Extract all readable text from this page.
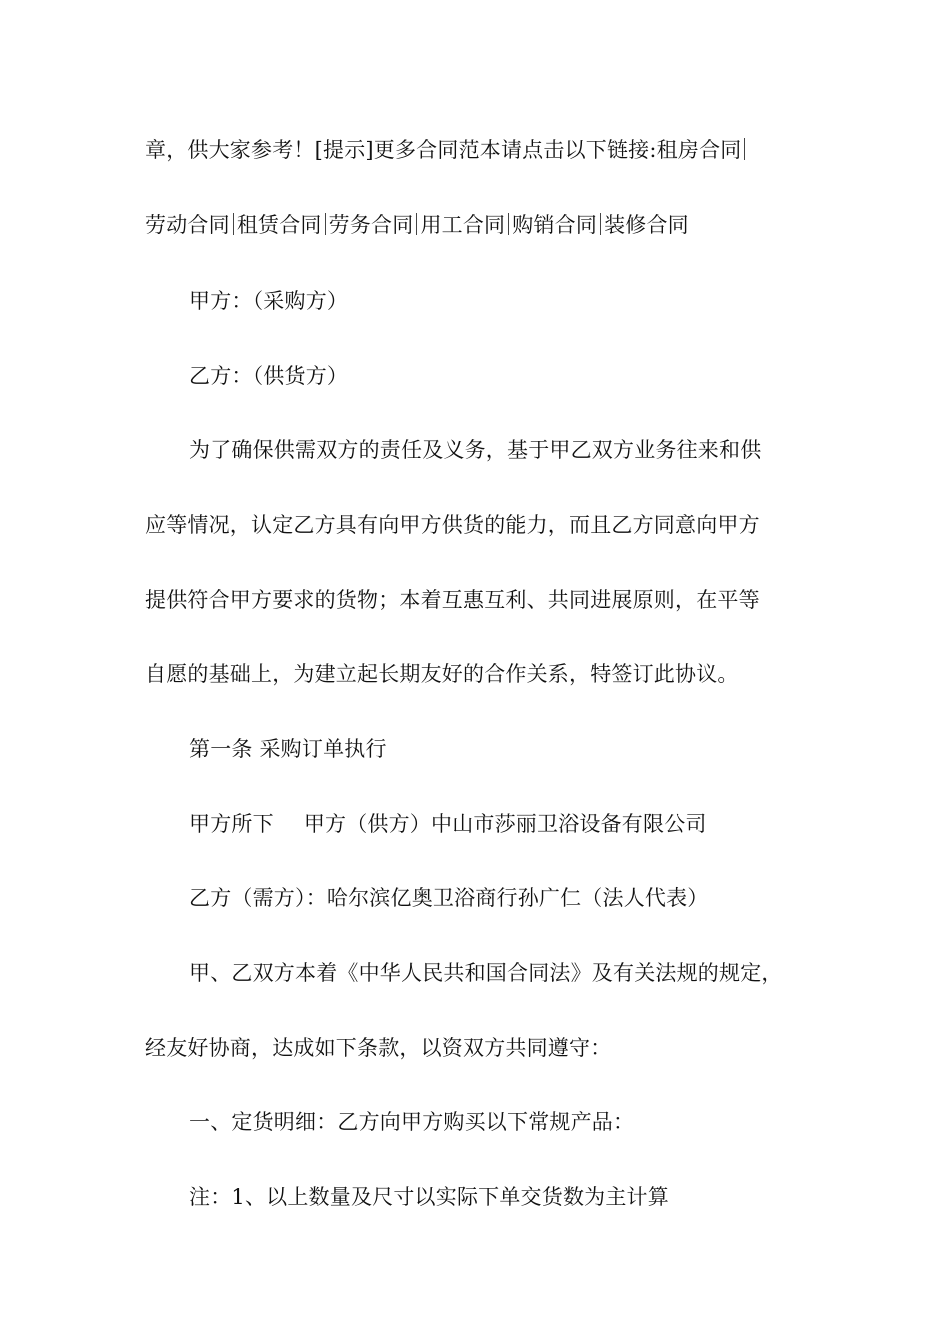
章，供大家参考！[提示]更多合同范本请点击以下链接:租房合同
劳动合同 租赁合同 劳务合同 用工合同 购销合同 装修合同
甲方：（采购方）
乙方：（供货方）
为了确保供需双方的责任及义务，基于甲乙双方业务往来和供
应等情况，认定乙方具有向甲方供货的能力，而且乙方同意向甲方
提供符合甲方要求的货物；本着互惠互利、共同进展原则，在平等
自愿的基础上，为建立起长期友好的合作关系，特签订此协议。
第一条 采购订单执行
甲方所下 甲方（供方）中山市莎丽卫浴设备有限公司
乙方（需方）：哈尔滨亿奥卫浴商行孙广仁（法人代表）
甲、乙双方本着《中华人民共和国合同法》及有关法规的规定，
经友好协商，达成如下条款，以资双方共同遵守：
一、定货明细：乙方向甲方购买以下常规产品：
注：1、以上数量及尺寸以实际下单交货数为主计算
